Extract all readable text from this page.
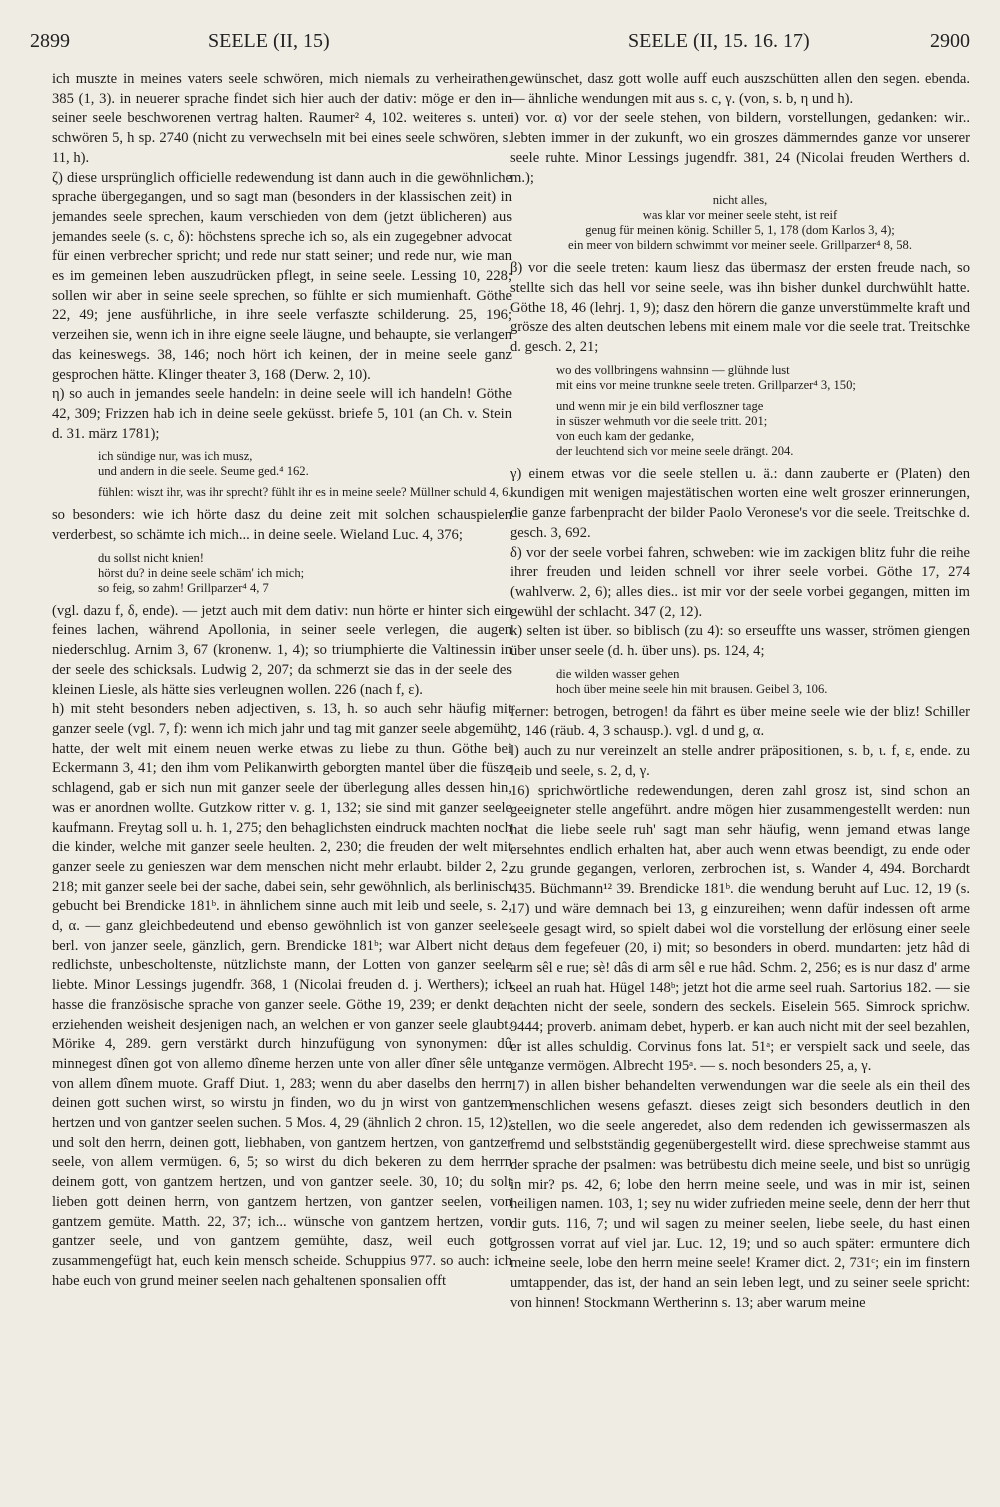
2899	SEELE (II, 15)	SEELE (II, 15. 16. 17)	2900

ich muszte in meines vaters seele schwören, mich niemals zu verheirathen. 385 (1, 3). in neuerer sprache findet sich hier auch der dativ: möge er den in seiner seele beschworenen vertrag halten. Raumer² 4, 102. weiteres s. unter schwören 5, h sp. 2740 (nicht zu verwechseln mit bei eines seele schwören, s. 11, h).

ζ) diese ursprünglich officielle redewendung ist dann auch in die gewöhnliche sprache übergegangen, und so sagt man (besonders in der klassischen zeit) in jemandes seele sprechen, kaum verschieden von dem (jetzt üblicheren) aus jemandes seele (s. c, δ): höchstens spreche ich so, als ein zugegebner advocat für einen verbrecher spricht; und rede nur statt seiner; und rede nur, wie man es im gemeinen leben auszudrücken pflegt, in seine seele. Lessing 10, 228; sollen wir aber in seine seele sprechen, so fühlte er sich mumienhaft. Göthe 22, 49; jene ausführliche, in ihre seele verfaszte schilderung. 25, 196; verzeihen sie, wenn ich in ihre eigne seele läugne, und behaupte, sie verlangen das keineswegs. 38, 146; noch hört ich keinen, der in meine seele ganz gesprochen hätte. Klinger theater 3, 168 (Derw. 2, 10).

η) so auch in jemandes seele handeln: in deine seele will ich handeln! Göthe 42, 309; Frizzen hab ich in deine seele geküsst. briefe 5, 101 (an Ch. v. Stein d. 31. märz 1781);

ich sündige nur, was ich musz,
und andern in die seele. Seume ged.⁴ 162.

fühlen: wiszt ihr, was ihr sprecht? fühlt ihr es in meine seele? Müllner schuld 4, 6.

so besonders: wie ich hörte dasz du deine zeit mit solchen schauspielen verderbest, so schämte ich mich... in deine seele. Wieland Luc. 4, 376;

du sollst nicht knien!
hörst du? in deine seele schäm' ich mich;
so feig, so zahm! Grillparzer⁴ 4, 7

(vgl. dazu f, δ, ende). — jetzt auch mit dem dativ: nun hörte er hinter sich ein feines lachen, während Apollonia, in seiner seele verlegen, die augen niederschlug. Arnim 3, 67 (kronenw. 1, 4); so triumphierte die Valtinessin in der seele des schicksals. Ludwig 2, 207; da schmerzt sie das in der seele des kleinen Liesle, als hätte sies verleugnen wollen. 226 (nach f, ε).

h) mit steht besonders neben adjectiven, s. 13, h. so auch sehr häufig mit ganzer seele (vgl. 7, f): wenn ich mich jahr und tag mit ganzer seele abgemüht hatte, der welt mit einem neuen werke etwas zu liebe zu thun. Göthe bei Eckermann 3, 41; den ihm vom Pelikanwirth geborgten mantel über die füsze schlagend, gab er sich nun mit ganzer seele der überlegung alles dessen hin, was er anordnen wollte. Gutzkow ritter v. g. 1, 132; sie sind mit ganzer seele kaufmann. Freytag soll u. h. 1, 275; den behaglichsten eindruck machten noch die kinder, welche mit ganzer seele heulten. 2, 230; die freuden der welt mit ganzer seele zu genieszen war dem menschen nicht mehr erlaubt. bilder 2, 2, 218; mit ganzer seele bei der sache, dabei sein, sehr gewöhnlich, als berlinisch gebucht bei Brendicke 181ᵇ. in ähnlichem sinne auch mit leib und seele, s. 2, d, α. — ganz gleichbedeutend und ebenso gewöhnlich ist von ganzer seele: berl. von janzer seele, gänzlich, gern. Brendicke 181ᵇ; war Albert nicht der redlichste, unbescholtenste, nützlichste mann, der Lotten von ganzer seele liebte. Minor Lessings jugendfr. 368, 1 (Nicolai freuden d. j. Werthers); ich hasse die französische sprache von ganzer seele. Göthe 19, 239; er denkt der erziehenden weisheit desjenigen nach, an welchen er von ganzer seele glaubt. Mörike 4, 289. gern verstärkt durch hinzufügung von synonymen: dû minnegest dînen got von allemo dîneme herzen unte von aller dîner sêle unte von allem dînem muote. Graff Diut. 1, 283; wenn du aber daselbs den herrn deinen gott suchen wirst, so wirstu jn finden, wo du jn wirst von gantzem hertzen und von gantzer seelen suchen. 5 Mos. 4, 29 (ähnlich 2 chron. 15, 12); und solt den herrn, deinen gott, liebhaben, von gantzem hertzen, von gantzer seele, von allem vermügen. 6, 5; so wirst du dich bekeren zu dem herrn deinem gott, von gantzem hertzen, und von gantzer seele. 30, 10; du solt lieben gott deinen herrn, von gantzem hertzen, von gantzer seelen, von gantzem gemüte. Matth. 22, 37; ich... wünsche von gantzem hertzen, von gantzer seele, und von gantzem gemühte, dasz, weil euch gott zusammengefügt hat, euch kein mensch scheide. Schuppius 977. so auch: ich habe euch von grund meiner seelen nach gehaltenen sponsalien offt

gewünschet, dasz gott wolle auff euch auszschütten allen den segen. ebenda. — ähnliche wendungen mit aus s. c, γ. (von, s. b, η und h).

i) vor. α) vor der seele stehen, von bildern, vorstellungen, gedanken: wir.. lebten immer in der zukunft, wo ein groszes dämmerndes ganze vor unserer seele ruhte. Minor Lessings jugendfr. 381, 24 (Nicolai freuden Werthers d. m.);

nicht alles,
was klar vor meiner seele steht, ist reif
genug für meinen könig. Schiller 5, 1, 178 (dom Karlos 3, 4);
ein meer von bildern schwimmt vor meiner seele. Grillparzer⁴ 8, 58.

β) vor die seele treten: kaum liesz das übermasz der ersten freude nach, so stellte sich das hell vor seine seele, was ihn bisher dunkel durchwühlt hatte. Göthe 18, 46 (lehrj. 1, 9); dasz den hörern die ganze unverstümmelte kraft und grösze des alten deutschen lebens mit einem male vor die seele trat. Treitschke d. gesch. 2, 21;

wo des vollbringens wahnsinn — glühnde lust
mit eins vor meine trunkne seele treten. Grillparzer⁴ 3, 150;

und wenn mir je ein bild verfloszner tage
in süszer wehmuth vor die seele tritt. 201;
von euch kam der gedanke,
der leuchtend sich vor meine seele drängt. 204.

γ) einem etwas vor die seele stellen u. ä.: dann zauberte er (Platen) den kundigen mit wenigen majestätischen worten eine welt groszer erinnerungen, die ganze farbenpracht der bilder Paolo Veronese's vor die seele. Treitschke d. gesch. 3, 692.

δ) vor der seele vorbei fahren, schweben: wie im zackigen blitz fuhr die reihe ihrer freuden und leiden schnell vor ihrer seele vorbei. Göthe 17, 274 (wahlverw. 2, 6); alles dies.. ist mir vor der seele vorbei gegangen, mitten im gewühl der schlacht. 347 (2, 12).

k) selten ist über. so biblisch (zu 4): so erseuffte uns wasser, strömen giengen über unser seele (d. h. über uns). ps. 124, 4;

die wilden wasser gehen
hoch über meine seele hin mit brausen. Geibel 3, 106.

ferner: betrogen, betrogen! da fährt es über meine seele wie der bliz! Schiller 2, 146 (räub. 4, 3 schausp.). vgl. d und g, α.

l) auch zu nur vereinzelt an stelle andrer präpositionen, s. b, ι. f, ε, ende. zu leib und seele, s. 2, d, γ.

16) sprichwörtliche redewendungen, deren zahl grosz ist, sind schon an geeigneter stelle angeführt. andre mögen hier zusammengestellt werden: nun hat die liebe seele ruh' sagt man sehr häufig, wenn jemand etwas lange ersehntes endlich erhalten hat, aber auch wenn etwas beendigt, zu ende oder zu grunde gegangen, verloren, zerbrochen ist, s. Wander 4, 494. Borchardt 435. Büchmann¹² 39. Brendicke 181ᵇ. die wendung beruht auf Luc. 12, 19 (s. 17) und wäre demnach bei 13, g einzureihen; wenn dafür indessen oft arme seele gesagt wird, so spielt dabei wol die vorstellung der erlösung einer seele aus dem fegefeuer (20, i) mit; so besonders in oberd. mundarten: jetz hâd di arm sêl e rue; sè! dâs di arm sêl e rue hâd. Schm. 2, 256; es is nur dasz d' arme seel an ruah hat. Hügel 148ᵇ; jetzt hot die arme seel ruah. Sartorius 182. — sie achten nicht der seele, sondern des seckels. Eiselein 565. Simrock sprichw. 9444; proverb. animam debet, hyperb. er kan auch nicht mit der seel bezahlen, er ist alles schuldig. Corvinus fons lat. 51ᵃ; er verspielt sack und seele, das ganze vermögen. Albrecht 195ᵃ. — s. noch besonders 25, a, γ.

17) in allen bisher behandelten verwendungen war die seele als ein theil des menschlichen wesens gefaszt. dieses zeigt sich besonders deutlich in den stellen, wo die seele angeredet, also dem redenden ich gewissermaszen als fremd und selbstständig gegenübergestellt wird. diese sprechweise stammt aus der sprache der psalmen: was betrübestu dich meine seele, und bist so unrügig in mir? ps. 42, 6; lobe den herrn meine seele, und was in mir ist, seinen heiligen namen. 103, 1; sey nu wider zufrieden meine seele, denn der herr thut dir guts. 116, 7; und wil sagen zu meiner seelen, liebe seele, du hast einen grossen vorrat auf viel jar. Luc. 12, 19; und so auch später: ermuntere dich meine seele, lobe den herrn meine seele! Kramer dict. 2, 731ᶜ; ein im finstern umtappender, das ist, der hand an sein leben legt, und zu seiner seele spricht: von hinnen! Stockmann Wertherinn s. 13; aber warum meine
